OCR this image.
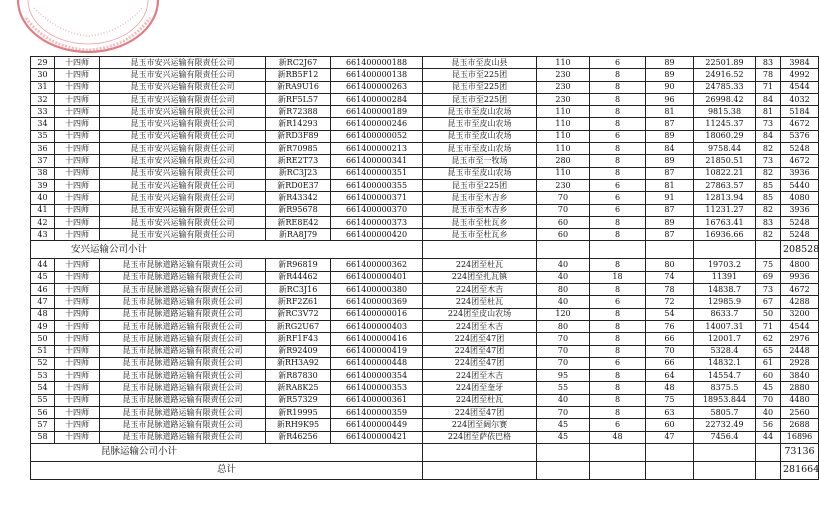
29	十四师	昆玉市安兴运输有限责任公司	新RC2J67	661400000188	昆玉市至皮山县	110	6	89	22501.89	83	3984
30	十四师	昆玉市安兴运输有限责任公司	新RB5F12	661400000138	昆玉市至225团	230	8	89	24916.52	78	4992
31	十四师	昆玉市安兴运输有限责任公司	新RA9U16	661400000263	昆玉市至225团	230	8	90	24785.33	71	4544
32	十四师	昆玉市安兴运输有限责任公司	新RF5L57	661400000284	昆玉市至225团	230	8	96	26998.42	84	4032
33	十四师	昆玉市安兴运输有限责任公司	新R72388	661400000189	昆玉市至皮山农场	110	8	81	9815.38	81	5184
34	十四师	昆玉市安兴运输有限责任公司	新R14293	661400000246	昆玉市至皮山农场	110	8	87	11245.37	73	4672
35	十四师	昆玉市安兴运输有限责任公司	新RD3F89	661400000052	昆玉市至皮山农场	110	6	89	18060.29	84	5376
36	十四师	昆玉市安兴运输有限责任公司	新R70985	661400000213	昆玉市至皮山农场	110	8	84	9758.44	82	5248
37	十四师	昆玉市安兴运输有限责任公司	新RE2T73	661400000341	昆玉市至一牧场	280	8	89	21850.51	73	4672
38	十四师	昆玉市安兴运输有限责任公司	新RC3J23	661400000351	昆玉市至皮山农场	110	8	87	10822.21	82	3936
39	十四师	昆玉市安兴运输有限责任公司	新RD0E37	661400000355	昆玉市至225团	230	6	81	27863.57	85	5440
40	十四师	昆玉市安兴运输有限责任公司	新R43342	661400000371	昆玉市至木吉乡	70	6	91	12813.94	85	4080
41	十四师	昆玉市安兴运输有限责任公司	新R95678	661400000370	昆玉市至木吉乡	70	6	87	11231.27	82	3936
42	十四师	昆玉市安兴运输有限责任公司	新RE8E42	661400000373	昆玉市至杜瓦乡	60	8	89	16763.41	83	5248
43	十四师	昆玉市安兴运输有限责任公司	新RA8J79	661400000420	昆玉市至杜瓦乡	60	8	87	16936.66	82	5248
安兴运输公司小计											208528
44	十四师	昆玉市昆脉道路运输有限责任公司	新R96819	661400000362	224团至杜瓦	40	8	80	19703.2	75	4800
45	十四师	昆玉市昆脉道路运输有限责任公司	新R44462	661400000401	224团至扎瓦镇	40	18	74	11391	69	9936
46	十四师	昆玉市昆脉道路运输有限责任公司	新RC3J16	661400000380	224团至木吉	80	8	78	14838.7	73	4672
47	十四师	昆玉市昆脉道路运输有限责任公司	新RF2Z61	661400000369	224团至杜瓦	40	6	72	12985.9	67	4288
48	十四师	昆玉市昆脉道路运输有限责任公司	新RC3V72	661400000016	224团至皮山农场	120	8	54	8633.7	50	3200
49	十四师	昆玉市昆脉道路运输有限责任公司	新RG2U67	661400000403	224团至木吉	80	8	76	14007.31	71	4544
50	十四师	昆玉市昆脉道路运输有限责任公司	新RF1F43	661400000416	224团至47团	70	8	66	12001.7	62	2976
51	十四师	昆玉市昆脉道路运输有限责任公司	新R92409	661400000419	224团至47团	70	8	70	5328.4	65	2448
52	十四师	昆玉市昆脉道路运输有限责任公司	新RH3A92	661400000448	224团至47团	70	6	66	14832.1	61	2928
53	十四师	昆玉市昆脉道路运输有限责任公司	新R87830	661400000354	224团至木吉	95	8	64	14554.7	60	3840
54	十四师	昆玉市昆脉道路运输有限责任公司	新RA8K25	661400000353	224团至奎牙	55	8	48	8375.5	45	2880
55	十四师	昆玉市昆脉道路运输有限责任公司	新R57329	661400000361	224团至杜瓦	40	8	75	18953.844	70	4480
56	十四师	昆玉市昆脉道路运输有限责任公司	新R19995	661400000359	224团至47团	70	8	63	5805.7	40	2560
57	十四师	昆玉市昆脉道路运输有限责任公司	新RH9K95	661400000449	224团至阔尔赛	45	6	60	22732.49	56	2688
58	十四师	昆玉市昆脉道路运输有限责任公司	新R46256	661400000421	224团至萨依巴格	45	48	47	7456.4	44	16896
昆脉运输公司小计											73136
总计											281664
